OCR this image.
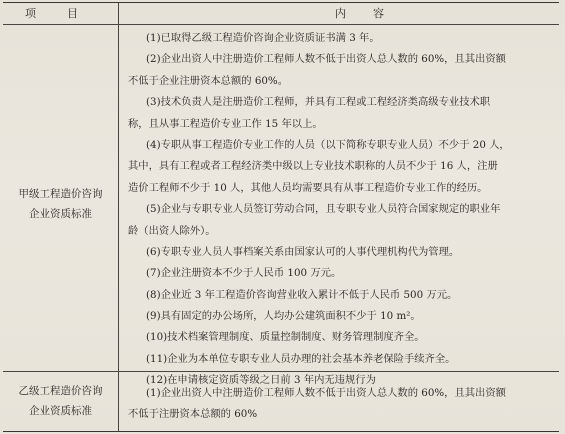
项	目	内 容
甲级工程造价咨询
企业资质标准
(1)已取得乙级工程造价咨询企业资质证书满 3 年。
(2)企业出资人中注册造价工程师人数不低于出资人总人数的 60%，且其出资额
不低于企业注册资本总额的 60%。
(3)技术负责人是注册造价工程师，并具有工程或工程经济类高级专业技术职
称，且从事工程造价专业工作 15 年以上。
(4)专职从事工程造价专业工作的人员（以下简称专职专业人员）不少于 20 人，
其中，具有工程或者工程经济类中级以上专业技术职称的人员不少于 16 人，注册
造价工程师不少于 10 人，其他人员均需要具有从事工程造价专业工作的经历。
(5)企业与专职专业人员签订劳动合同，且专职专业人员符合国家规定的职业年
龄（出资人除外）。
(6)专职专业人员人事档案关系由国家认可的人事代理机构代为管理。
(7)企业注册资本不少于人民币 100 万元。
(8)企业近 3 年工程造价咨询营业收入累计不低于人民币 500 万元。
(9)具有固定的办公场所，人均办公建筑面积不少于 10 m²。
(10)技术档案管理制度、质量控制制度、财务管理制度齐全。
(11)企业为本单位专职专业人员办理的社会基本养老保险手续齐全。
(12)在申请核定资质等级之日前 3 年内无违规行为
乙级工程造价咨询
企业资质标准
(1)企业出资人中注册造价工程师人数不低于出资人总人数的 60%，且其出资额
不低于注册资本总额的 60%
